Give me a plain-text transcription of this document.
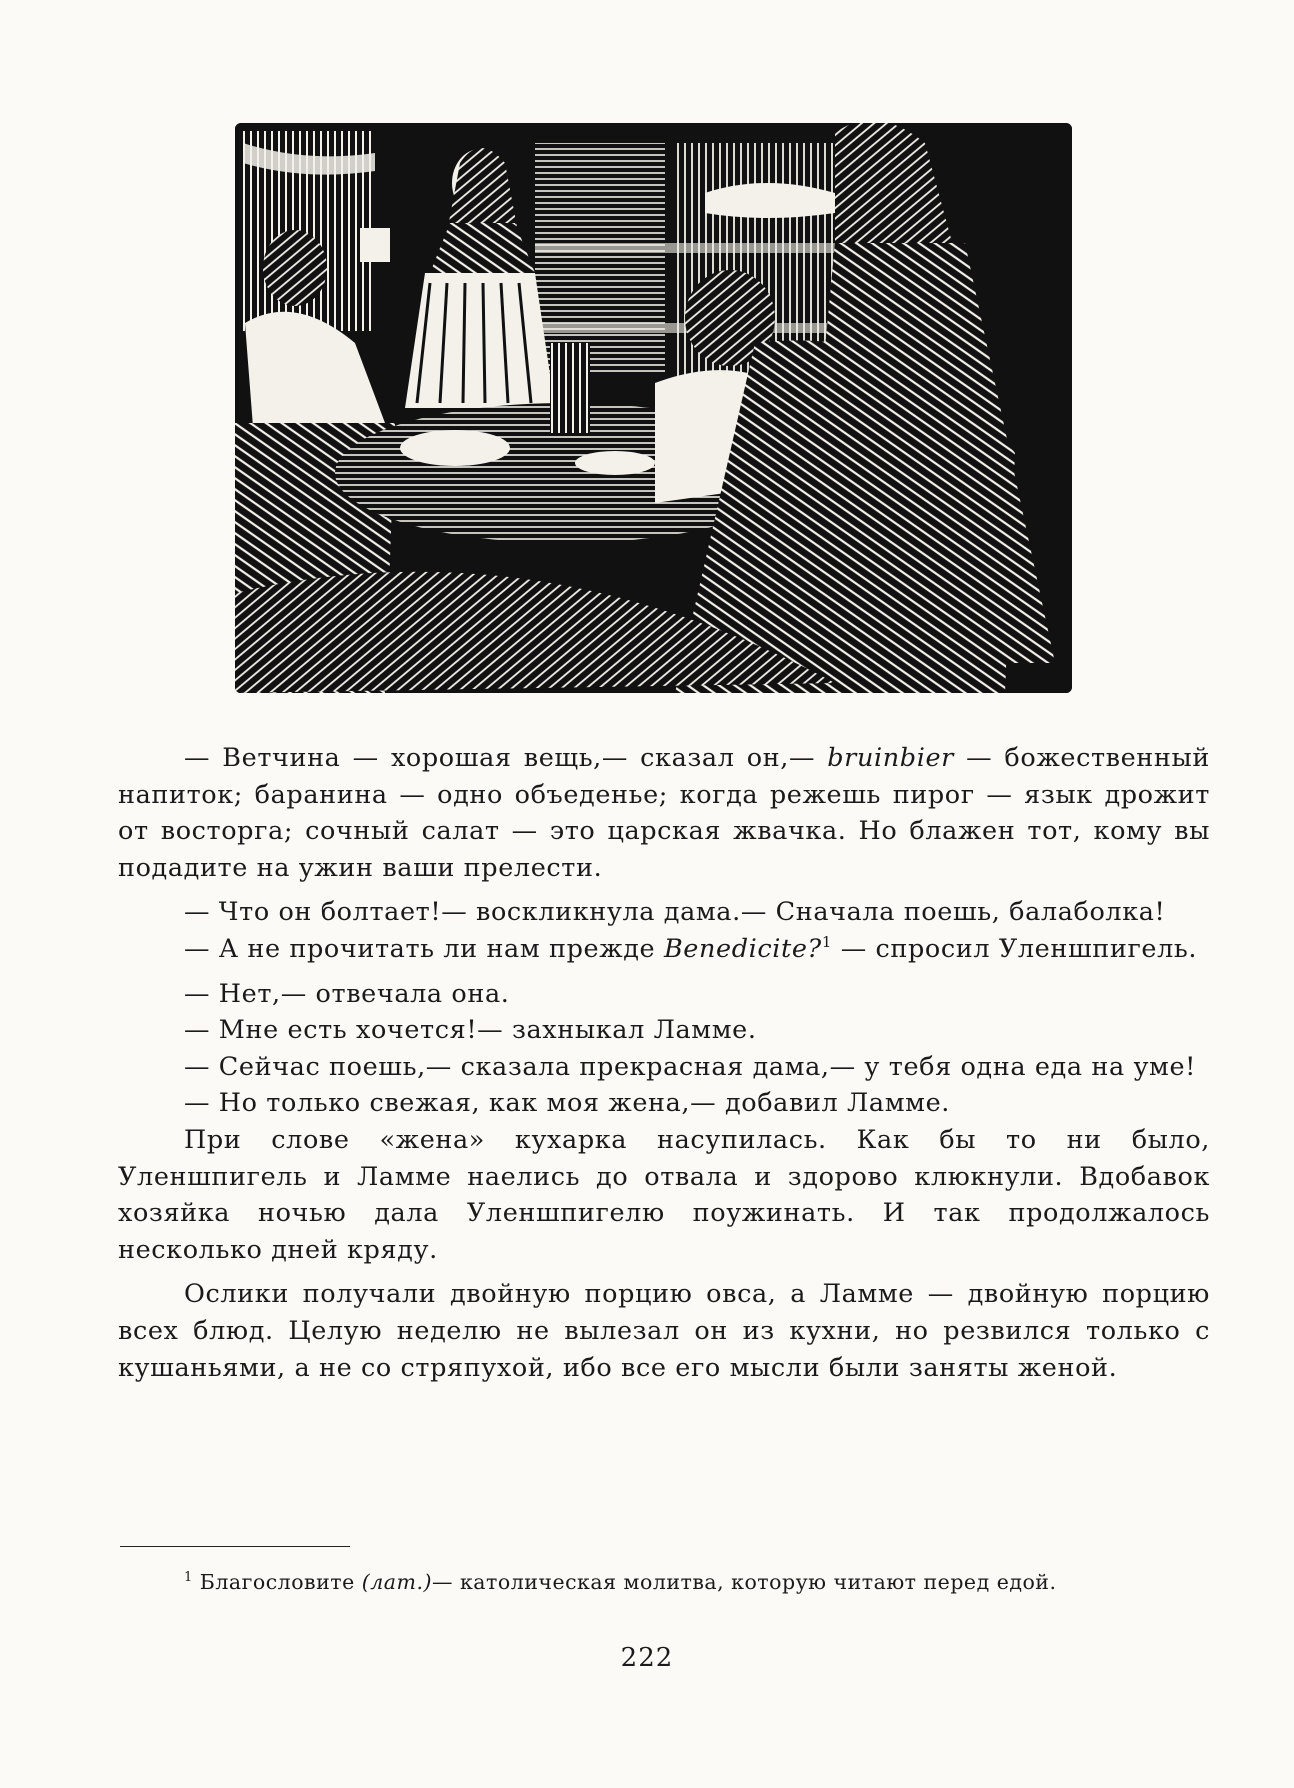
— Ветчина — хорошая вещь,— сказал он,— bruinbier — божественный напиток; баранина — одно объеденье; когда режешь пирог — язык дрожит от восторга; сочный салат — это царская жвачка. Но блажен тот, кому вы подадите на ужин ваши прелести.

— Что он болтает!— воскликнула дама.— Сначала поешь, балаболка!

— А не прочитать ли нам прежде Benedicite?$^1$ — спросил Уленшпигель.

— Нет,— отвечала она.

— Мне есть хочется!— захныкал Ламме.

— Сейчас поешь,— сказала прекрасная дама,— у тебя одна еда на уме!

— Но только свежая, как моя жена,— добавил Ламме.

При слове «жена» кухарка насупилась. Как бы то ни было, Уленшпигель и Ламме наелись до отвала и здорово клюкнули. Вдобавок хозяйка ночью дала Уленшпигелю поужинать. И так продолжалось несколько дней кряду.

Ослики получали двойную порцию овса, а Ламме — двойную порцию всех блюд. Целую неделю не вылезал он из кухни, но резвился только с кушаньями, а не со стряпухой, ибо все его мысли были заняты женой.

$^1$ Благословите (лат.)— католическая молитва, которую читают перед едой.
222
